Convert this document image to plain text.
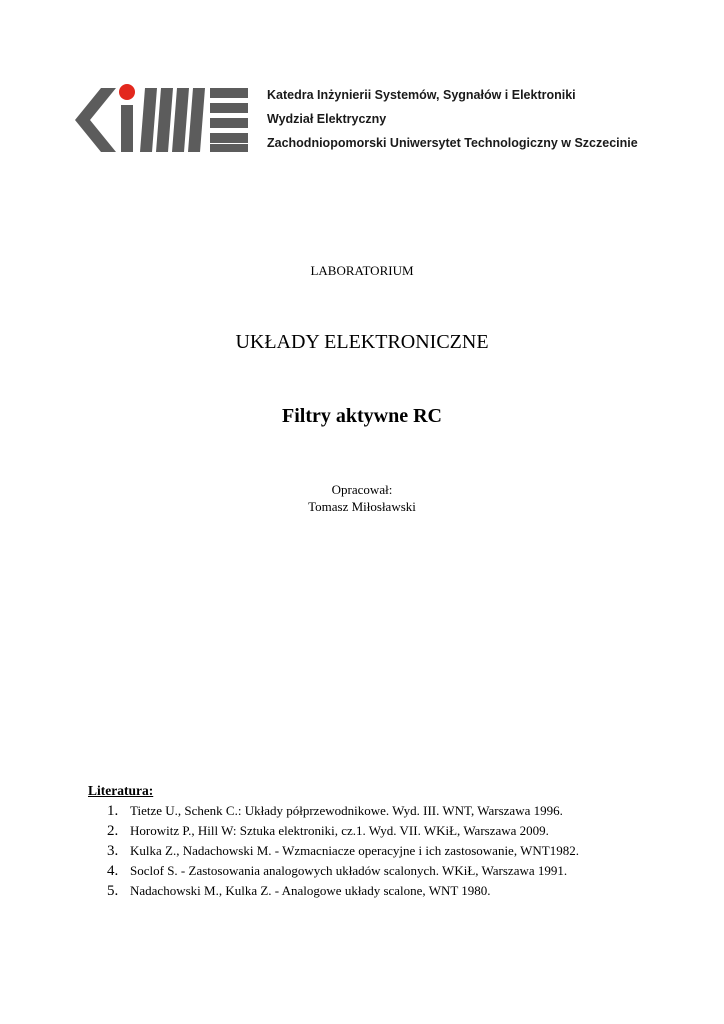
Katedra Inżynierii Systemów, Sygnałów i Elektroniki
Wydział Elektryczny
Zachodniopomorski Uniwersytet Technologiczny w Szczecinie
LABORATORIUM
UKŁADY ELEKTRONICZNE
Filtry aktywne RC
Opracował:
Tomasz Miłosławski
Literatura:
1. Tietze U., Schenk C.: Układy półprzewodnikowe. Wyd. III. WNT, Warszawa 1996.
2. Horowitz P., Hill W: Sztuka elektroniki, cz.1. Wyd. VII. WKiŁ, Warszawa 2009.
3. Kulka Z., Nadachowski M. - Wzmacniacze operacyjne i ich zastosowanie, WNT1982.
4. Soclof S. - Zastosowania analogowych układów scalonych. WKiŁ, Warszawa 1991.
5. Nadachowski M., Kulka Z. - Analogowe układy scalone, WNT 1980.
